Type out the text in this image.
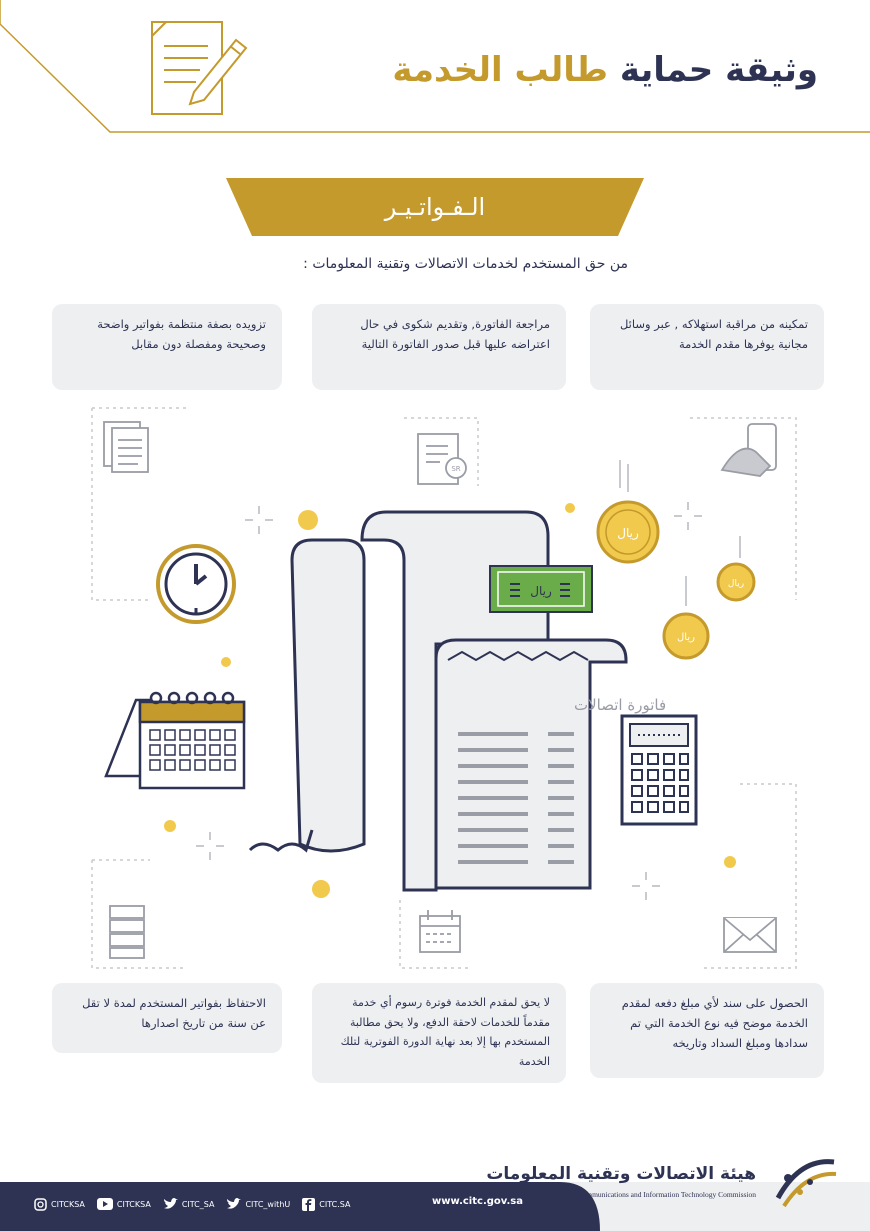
وثيقة حماية طالب الخدمة
الـفـواتـيـر
من حق المستخدم لخدمات الاتصالات وتقنية المعلومات :
تمكينه من مراقبة استهلاكه , عبر وسائل مجانية يوفرها مقدم الخدمة
مراجعة الفاتورة, وتقديم شكوى في حال اعتراضه عليها قبل صدور الفاتورة التالية
تزويده بصفة منتظمة بفواتير واضحة وصحيحة ومفصلة دون مقابل
الحصول على سند لأي مبلغ دفعه لمقدم الخدمة موضح فيه نوع الخدمة التي تم سدادها ومبلغ السداد وتاريخه
لا يحق لمقدم الخدمة فوترة رسوم أي خدمة مقدماً للخدمات لاحقة الدفع، ولا يحق مطالبة المستخدم بها إلا بعد نهاية الدورة الفوترية لتلك الخدمة
الاحتفاظ بفواتير المستخدم لمدة لا تقل عن سنة من تاريخ اصدارها
SR
ريال
فاتورة اتصالات
ريال
ريال
ريال
CITCKSA	CITCKSA	CITC_SA	CITC_withU	CITC.SA	www.citc.gov.sa
هيئة الاتصالات وتقنية المعلومات
Communications and Information Technology Commission
